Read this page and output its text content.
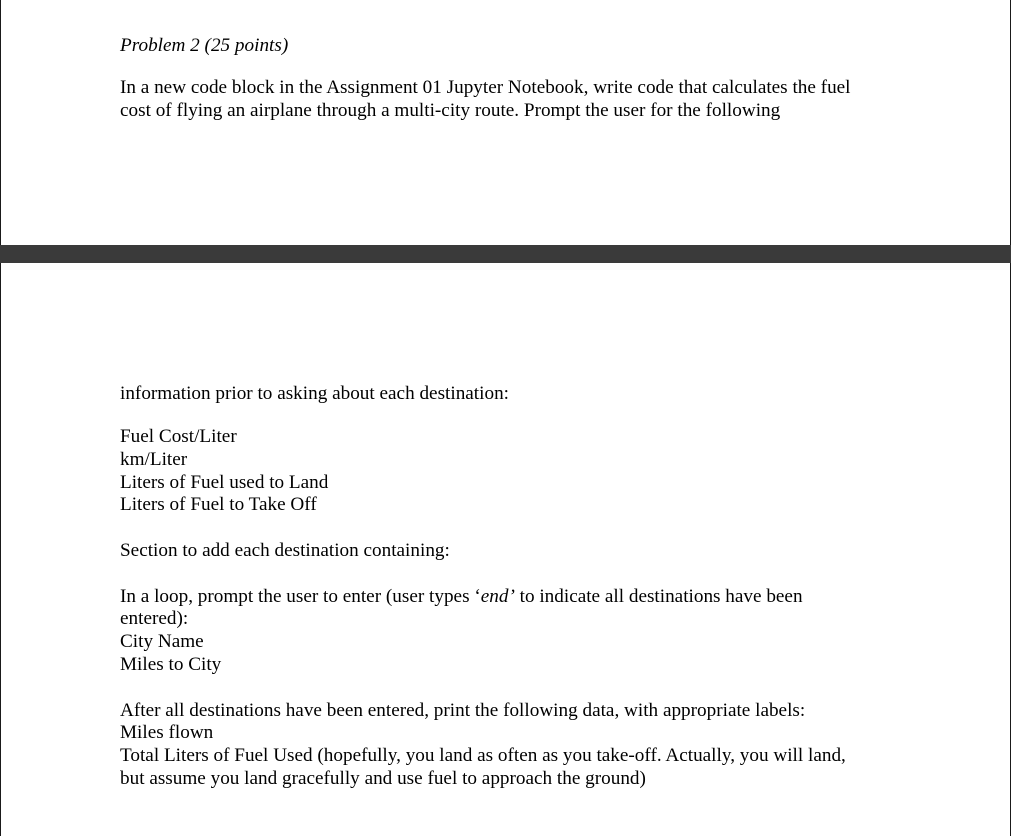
Problem 2 (25 points)
In a new code block in the Assignment 01 Jupyter Notebook, write code that calculates the fuel
cost of flying an airplane through a multi-city route. Prompt the user for the following
information prior to asking about each destination:
Fuel Cost/Liter
km/Liter
Liters of Fuel used to Land
Liters of Fuel to Take Off
Section to add each destination containing:
In a loop, prompt the user to enter (user types ‘end’ to indicate all destinations have been
entered):
City Name
Miles to City
After all destinations have been entered, print the following data, with appropriate labels:
Miles flown
Total Liters of Fuel Used (hopefully, you land as often as you take-off. Actually, you will land,
but assume you land gracefully and use fuel to approach the ground)
